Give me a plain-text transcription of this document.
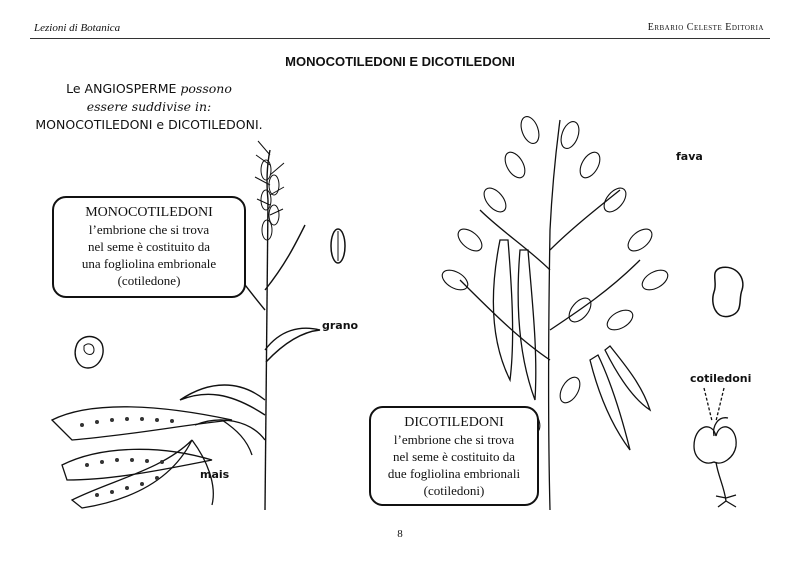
Lezioni di Botanica	Erbario Celeste Editoria
MONOCOTILEDONI E DICOTILEDONI
Le ANGIOSPERME possono
essere suddivise in:
MONOCOTILEDONI e DICOTILEDONI.
MONOCOTILEDONI
l’embrione che si trova
nel seme è costituito da
una fogliolina embrionale
(cotiledone)
DICOTILEDONI
l’embrione che si trova
nel seme è costituito da
due fogliolina embrionali
(cotiledoni)
grano
mais
fava
cotiledoni
8
